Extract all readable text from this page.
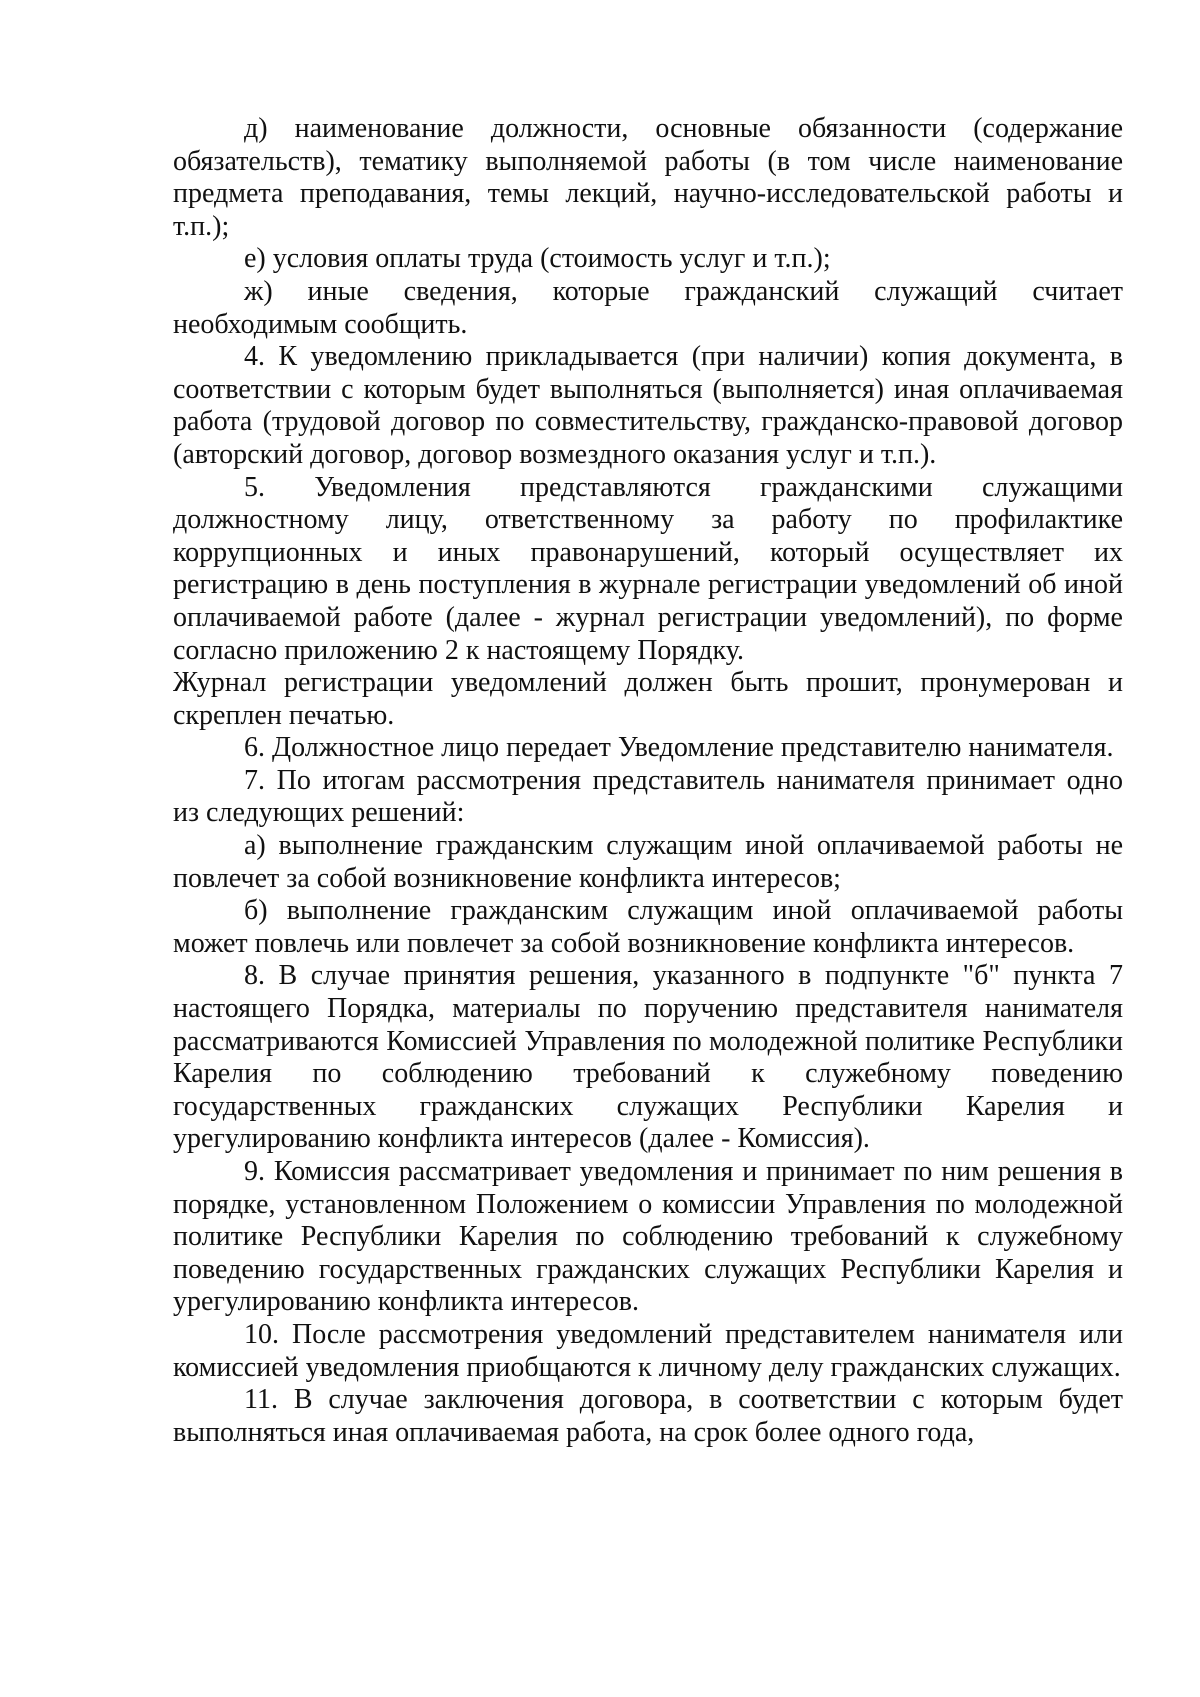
д) наименование должности, основные обязанности (содержание обязательств), тематику выполняемой работы (в том числе наименование предмета преподавания, темы лекций, научно-исследовательской работы и т.п.);

е) условия оплаты труда (стоимость услуг и т.п.);

ж) иные сведения, которые гражданский служащий считает необходимым сообщить.

4. К уведомлению прикладывается (при наличии) копия документа, в соответствии с которым будет выполняться (выполняется) иная оплачиваемая работа (трудовой договор по совместительству, гражданско-правовой договор (авторский договор, договор возмездного оказания услуг и т.п.).

5. Уведомления представляются гражданскими служащими должностному лицу, ответственному за работу по профилактике коррупционных и иных правонарушений, который осуществляет их регистрацию в день поступления в журнале регистрации уведомлений об иной оплачиваемой работе (далее - журнал регистрации уведомлений), по форме согласно приложению 2 к настоящему Порядку.

Журнал регистрации уведомлений должен быть прошит, пронумерован и скреплен печатью.

6. Должностное лицо передает Уведомление представителю нанимателя.

7. По итогам рассмотрения представитель нанимателя принимает одно из следующих решений:

а) выполнение гражданским служащим иной оплачиваемой работы не повлечет за собой возникновение конфликта интересов;

б) выполнение гражданским служащим иной оплачиваемой работы может повлечь или повлечет за собой возникновение конфликта интересов.

8. В случае принятия решения, указанного в подпункте "б" пункта 7 настоящего Порядка, материалы по поручению представителя нанимателя рассматриваются Комиссией Управления по молодежной политике Республики Карелия по соблюдению требований к служебному поведению государственных гражданских служащих Республики Карелия и урегулированию конфликта интересов (далее - Комиссия).

9. Комиссия рассматривает уведомления и принимает по ним решения в порядке, установленном Положением о комиссии Управления по молодежной политике Республики Карелия по соблюдению требований к служебному поведению государственных гражданских служащих Республики Карелия и урегулированию конфликта интересов.

10. После рассмотрения уведомлений представителем нанимателя или комиссией уведомления приобщаются к личному делу гражданских служащих.

11. В случае заключения договора, в соответствии с которым будет выполняться иная оплачиваемая работа, на срок более одного года,
